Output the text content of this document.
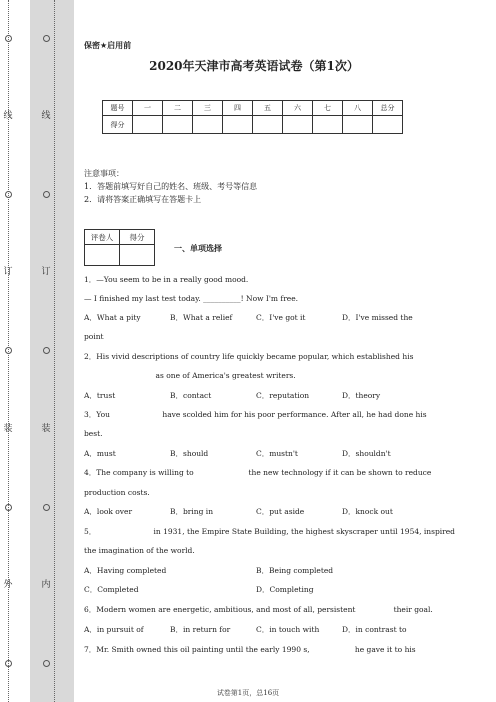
线
订
装
外
线
订
装
内
保密★启用前
2020年天津市高考英语试卷（第1次）
题号	一	二	三	四	五	六	七	八	总分
得分									
注意事项：
1．答题前填写好自己的姓名、班级、考号等信息
2．请将答案正确填写在答题卡上
评卷人	得分

一、单项选择
1．—You seem to be in a really good mood.
— I finished my last test today. __________! Now I'm free.
A．What a pity	B．What a relief	C．I've got it	D．I've missed the
point
2．His vivid descriptions of country life quickly became popular, which established his
as one of America's greatest writers.
A．trust	B．contact	C．reputation	D．theory
3．You                      have scolded him for his poor performance. After all, he had done his
best.
A．must	B．should	C．mustn't	D．shouldn't
4．The company is willing to                       the new technology if it can be shown to reduce
production costs.
A．look over	B．bring in	C．put aside	D．knock out
5．                        in 1931, the Empire State Building, the highest skyscraper until 1954, inspired
the imagination of the world.
A．Having completed	B．Being completed
C．Completed	D．Completing
6．Modern women are energetic, ambitious, and most of all, persistent                their goal.
A．in pursuit of	B．in return for	C．in touch with	D．in contrast to
7．Mr. Smith owned this oil painting until the early 1990 s,                   he gave it to his
试卷第1页，总16页
